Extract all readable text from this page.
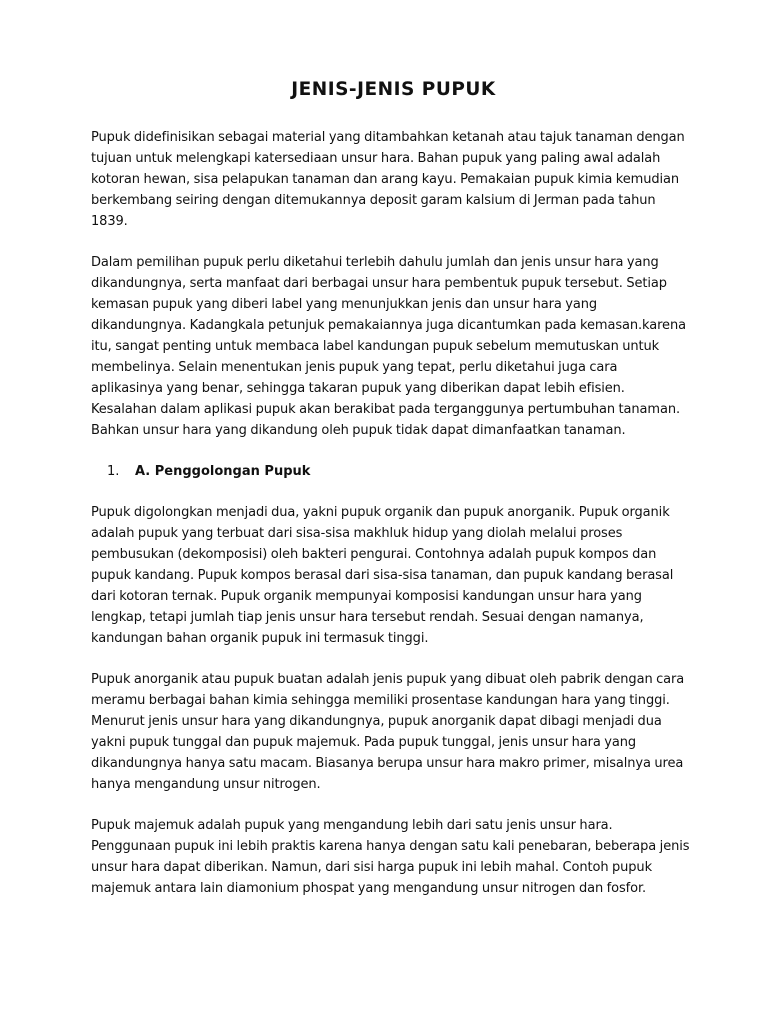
JENIS-JENIS PUPUK

Pupuk didefinisikan sebagai material yang ditambahkan ketanah atau tajuk tanaman dengan tujuan untuk melengkapi katersediaan unsur hara. Bahan pupuk yang paling awal adalah kotoran hewan, sisa pelapukan tanaman dan arang kayu. Pemakaian pupuk kimia kemudian berkembang seiring dengan ditemukannya deposit garam kalsium di Jerman pada tahun 1839.

Dalam pemilihan pupuk perlu diketahui terlebih dahulu jumlah dan jenis unsur hara yang dikandungnya, serta manfaat dari berbagai unsur hara pembentuk pupuk tersebut. Setiap kemasan pupuk yang diberi label yang menunjukkan jenis dan unsur hara yang dikandungnya. Kadangkala petunjuk pemakaiannya juga dicantumkan pada kemasan.karena itu, sangat penting untuk membaca label kandungan pupuk sebelum memutuskan untuk membelinya. Selain menentukan jenis pupuk yang tepat, perlu diketahui juga cara aplikasinya yang benar, sehingga takaran pupuk yang diberikan dapat lebih efisien. Kesalahan dalam aplikasi pupuk akan berakibat pada terganggunya pertumbuhan tanaman. Bahkan unsur hara yang dikandung oleh pupuk tidak dapat dimanfaatkan tanaman.

1.	A. Penggolongan Pupuk

Pupuk digolongkan menjadi dua, yakni pupuk organik dan pupuk anorganik. Pupuk organik adalah pupuk yang terbuat dari sisa-sisa makhluk hidup yang diolah melalui proses pembusukan (dekomposisi) oleh bakteri pengurai. Contohnya adalah pupuk kompos dan pupuk kandang. Pupuk kompos berasal dari sisa-sisa tanaman, dan pupuk kandang berasal dari kotoran ternak. Pupuk organik mempunyai komposisi kandungan unsur hara yang lengkap, tetapi jumlah tiap jenis unsur hara tersebut rendah. Sesuai dengan namanya, kandungan bahan organik pupuk ini termasuk tinggi.

Pupuk anorganik atau pupuk buatan adalah jenis pupuk yang dibuat oleh pabrik dengan cara meramu berbagai bahan kimia sehingga memiliki prosentase kandungan hara yang tinggi. Menurut jenis unsur hara yang dikandungnya, pupuk anorganik dapat dibagi menjadi dua yakni pupuk tunggal dan pupuk majemuk. Pada pupuk tunggal, jenis unsur hara yang dikandungnya hanya satu macam. Biasanya berupa unsur hara makro primer, misalnya urea hanya mengandung unsur nitrogen.

Pupuk majemuk adalah pupuk yang mengandung lebih dari satu jenis unsur hara. Penggunaan pupuk ini lebih praktis karena hanya dengan satu kali penebaran, beberapa jenis unsur hara dapat diberikan. Namun, dari sisi harga pupuk ini lebih mahal. Contoh pupuk majemuk antara lain diamonium phospat yang mengandung unsur nitrogen dan fosfor.
